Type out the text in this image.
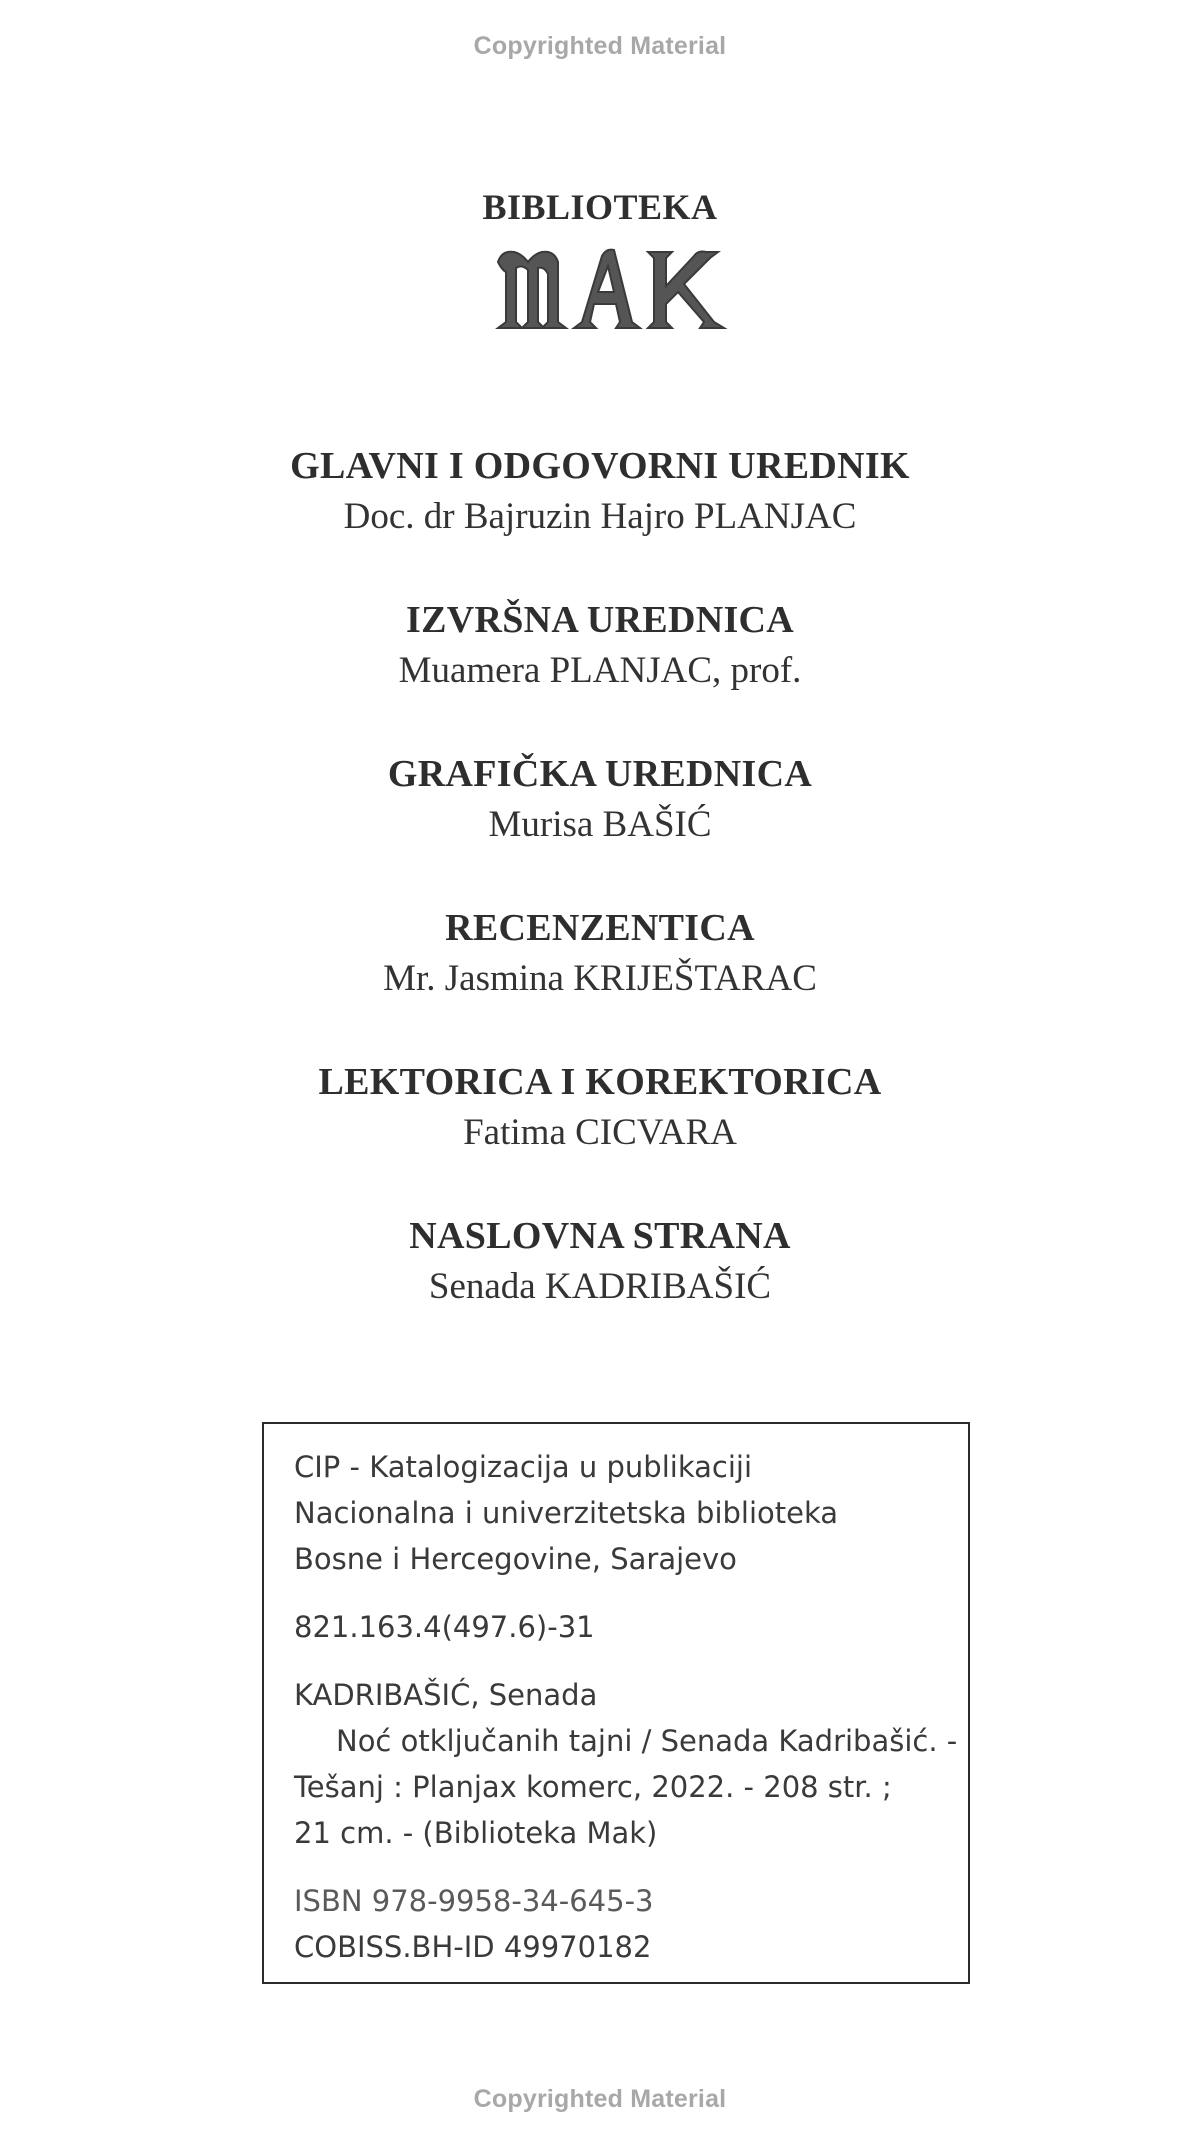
Copyrighted Material
BIBLIOTEKA
GLAVNI I ODGOVORNI UREDNIK
Doc. dr Bajruzin Hajro PLANJAC
IZVRŠNA UREDNICA
Muamera PLANJAC, prof.
GRAFIČKA UREDNICA
Murisa BAŠIĆ
RECENZENTICA
Mr. Jasmina KRIJEŠTARAC
LEKTORICA I KOREKTORICA
Fatima CICVARA
NASLOVNA STRANA
Senada KADRIBAŠIĆ
CIP - Katalogizacija u publikaciji
Nacionalna i univerzitetska biblioteka
Bosne i Hercegovine, Sarajevo
821.163.4(497.6)-31
KADRIBAŠIĆ, Senada
Noć otključanih tajni / Senada Kadribašić. -
Tešanj : Planjax komerc, 2022. - 208 str. ;
21 cm. - (Biblioteka Mak)
ISBN 978-9958-34-645-3
COBISS.BH-ID 49970182
Copyrighted Material
